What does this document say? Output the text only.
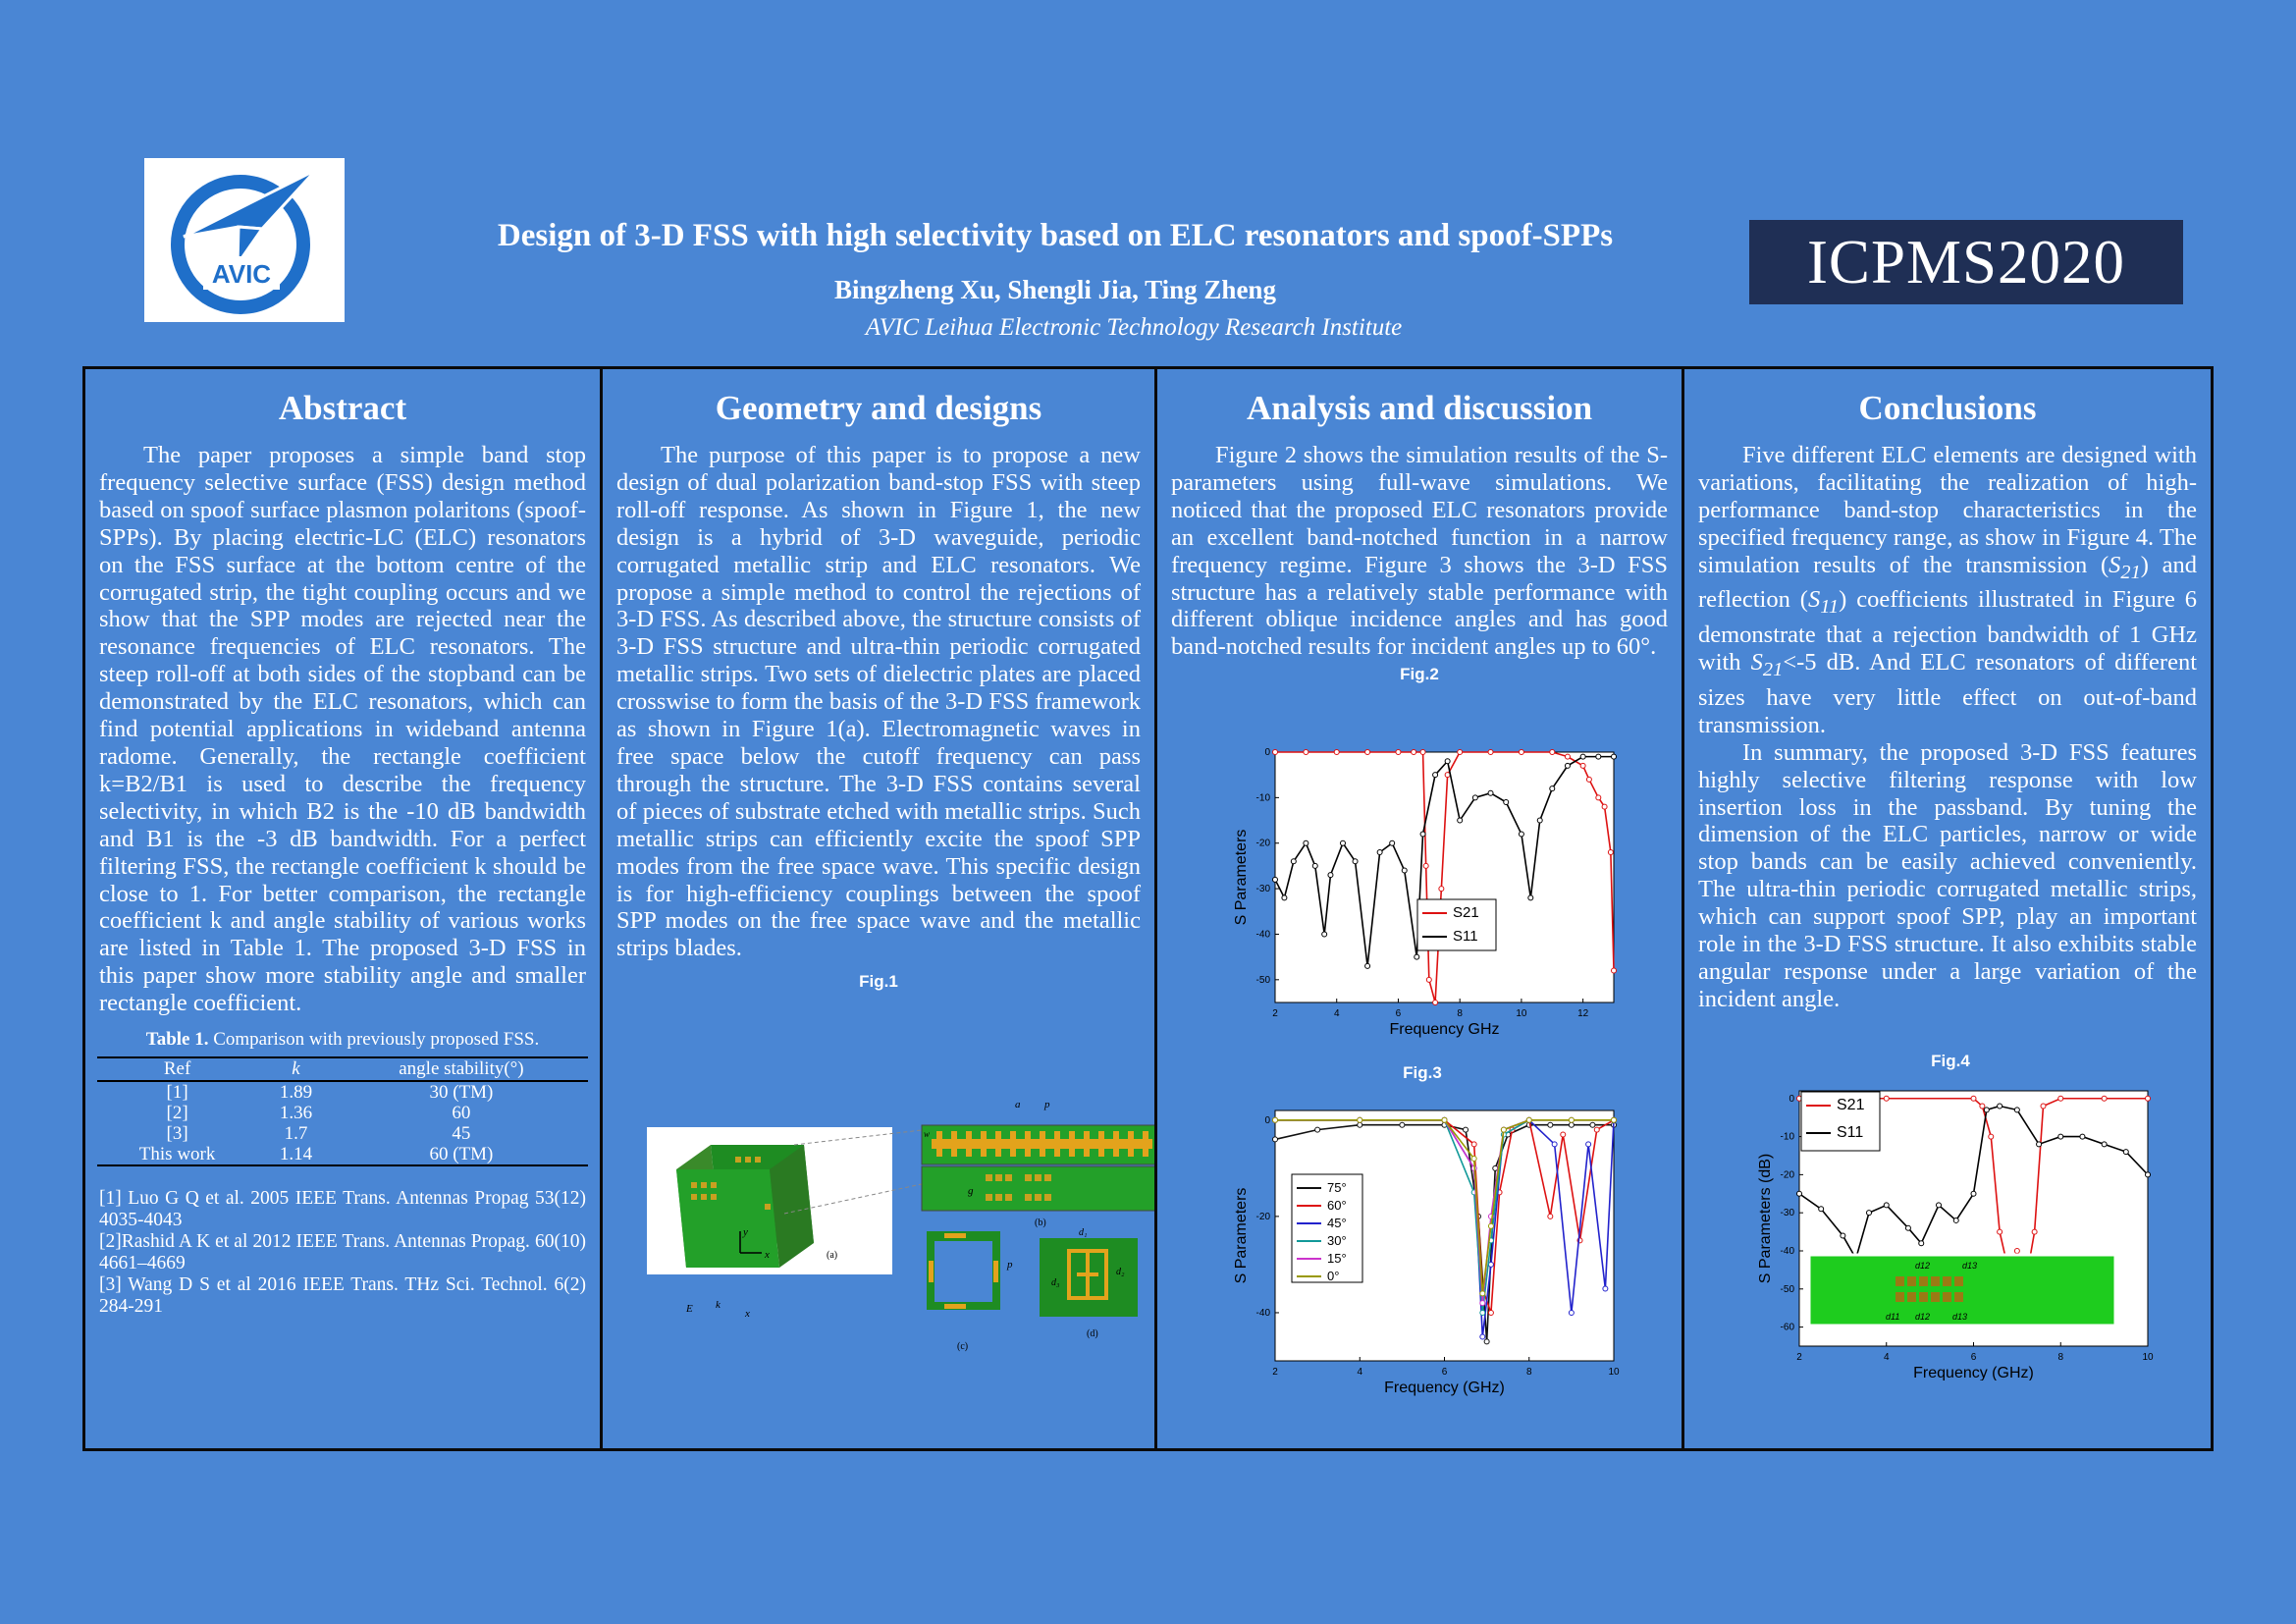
AVIC
Design of 3-D FSS with high selectivity based on ELC resonators and spoof-SPPs
Bingzheng Xu, Shengli Jia, Ting Zheng
AVIC Leihua Electronic Technology Research Institute
ICPMS2020
Abstract

The paper proposes a simple band stop frequency selective surface (FSS) design method based on spoof surface plasmon polaritons (spoof-SPPs). By placing electric-LC (ELC) resonators on the FSS surface at the bottom centre of the corrugated strip, the tight coupling occurs and we show that the SPP modes are rejected near the resonance frequencies of ELC resonators. The steep roll-off at both sides of the stopband can be demonstrated by the ELC resonators, which can find potential applications in wideband antenna radome. Generally, the rectangle coefficient k=B2/B1 is used to describe the frequency selectivity, in which B2 is the -10 dB bandwidth and B1 is the -3 dB bandwidth. For a perfect filtering FSS, the rectangle coefficient k should be close to 1. For better comparison, the rectangle coefficient k and angle stability of various works are listed in Table 1. The proposed 3-D FSS in this paper show more stability angle and smaller rectangle coefficient.

Table 1. Comparison with previously proposed FSS.
Ref	k	angle stability(°)
[1]	1.89	30 (TM)
[2]	1.36	60
[3]	1.7	45
This work	1.14	60 (TM)
[1] Luo G Q et al. 2005 IEEE Trans. Antennas Propag 53(12) 4035-4043
[2]Rashid A K et al 2012 IEEE Trans. Antennas Propag. 60(10) 4661–4669
[3] Wang D S et al 2016 IEEE Trans. THz Sci. Technol. 6(2) 284-291
Geometry and designs

The purpose of this paper is to propose a new design of dual polarization band-stop FSS with steep roll-off response. As shown in Figure 1, the new design is a hybrid of 3-D waveguide, periodic corrugated metallic strip and ELC resonators. We propose a simple method to control the rejections of 3-D FSS. As described above, the structure consists of 3-D FSS structure and ultra-thin periodic corrugated metallic strips. Two sets of dielectric plates are placed crosswise to form the basis of the 3-D FSS framework as shown in Figure 1(a). Electromagnetic waves in free space below the cutoff frequency can pass through the structure. The 3-D FSS contains several of pieces of substrate etched with metallic strips. Such metallic strips can efficiently excite the spoof SPP modes from the free space wave. This specific design is for high-efficiency couplings between the spoof SPP modes on the free space wave and the metallic strips blades.

Fig.1
y
x	(a)
E k
x
a p
w
g
(b)
(c)
p
d₁
d₂
d₃
(d)
Analysis and discussion

Figure 2 shows the simulation results of the S-parameters using full-wave simulations. We noticed that the proposed ELC resonators provide an excellent band-notched function in a narrow frequency regime. Figure 3 shows the 3-D FSS structure has a relatively stable performance with different oblique incidence angles and has good band-notched results for incident angles up to 60°.

Fig.2
2	4	6	8	10	12
0
-10
-20
-30
-40
-50
Frequency GHz
S Parameters	S21
S11
Fig.3
2	4	6	8	10
0
-20
-40
Frequency (GHz)
S Parameters
75°
60°
45°
30°
15°
0°
Conclusions

Five different ELC elements are designed with variations, facilitating the realization of high-performance band-stop characteristics in the specified frequency range, as show in Figure 4. The simulation results of the transmission $(S_{21})$ and reflection $(S_{11})$ coefficients illustrated in Figure 6 demonstrate that a rejection bandwidth of 1 GHz with $S_{21}<-5$ dB. And ELC resonators of different sizes have very little effect on out-of-band transmission.

In summary, the proposed 3-D FSS features highly selective filtering response with low insertion loss in the passband. By tuning the dimension of the ELC particles, narrow or wide stop bands can be easily achieved conveniently. The ultra-thin periodic corrugated metallic strips, which can support spoof SPP, play an important role in the 3-D FSS structure. It also exhibits stable angular response under a large variation of the incident angle.

Fig.4
2	4	6	8	10
0
-10
-20
-30
-40
-50
-60
Frequency (GHz)
S Parameters (dB)
S21
S11
d12	d13
d11 d12	d13
